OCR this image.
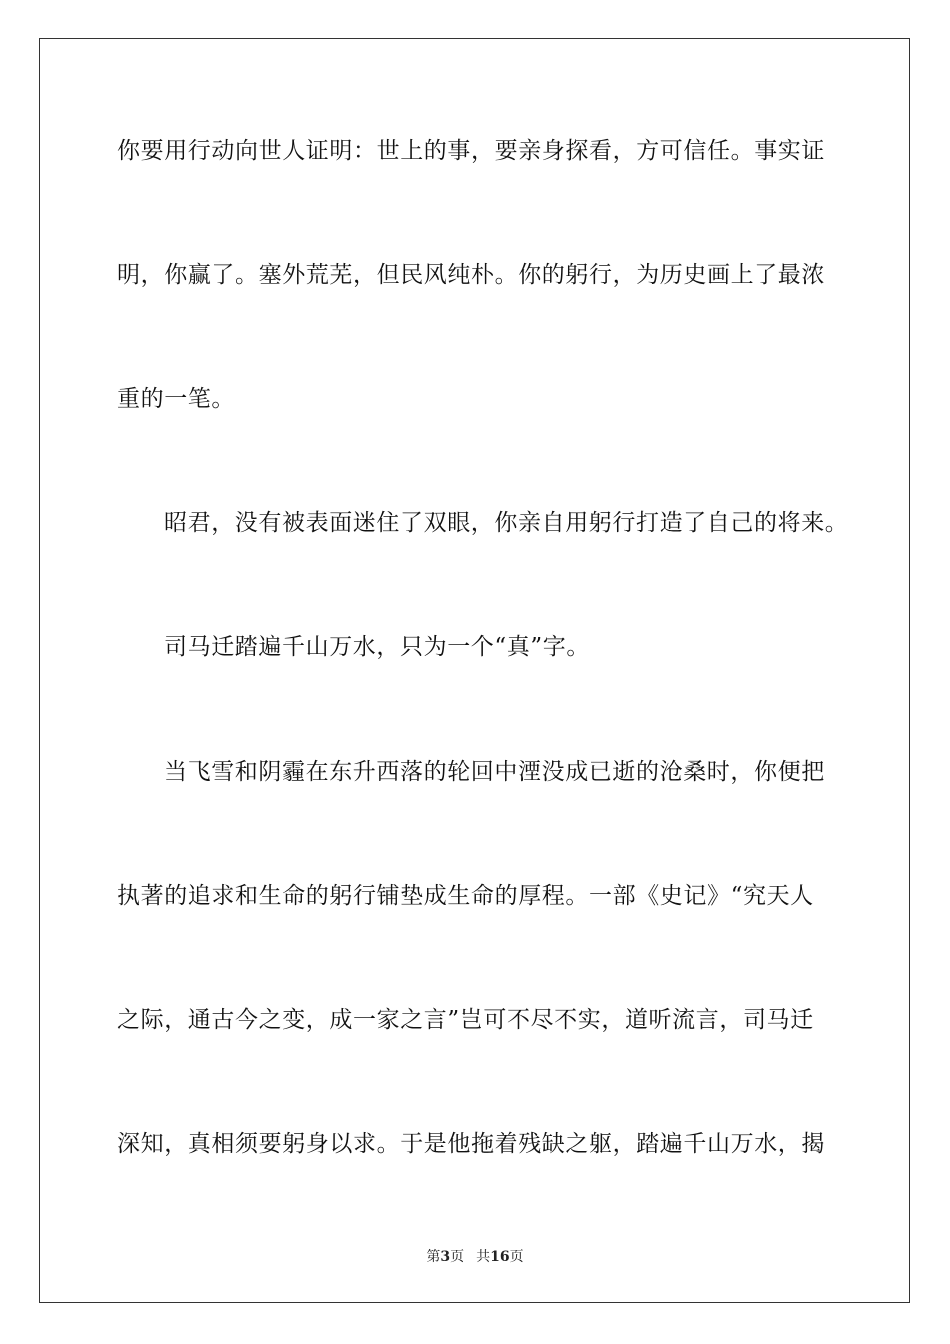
你要用行动向世人证明：世上的事，要亲身探看，方可信任。事实证
明，你赢了。塞外荒芜，但民风纯朴。你的躬行，为历史画上了最浓
重的一笔。
昭君，没有被表面迷住了双眼，你亲自用躬行打造了自己的将来。
司马迁踏遍千山万水，只为一个“真”字。
当飞雪和阴霾在东升西落的轮回中湮没成已逝的沧桑时，你便把
执著的追求和生命的躬行铺垫成生命的厚程。一部《史记》“究天人
之际，通古今之变，成一家之言”岂可不尽不实，道听流言，司马迁
深知，真相须要躬身以求。于是他拖着残缺之躯，踏遍千山万水，揭
第3页 共16页
